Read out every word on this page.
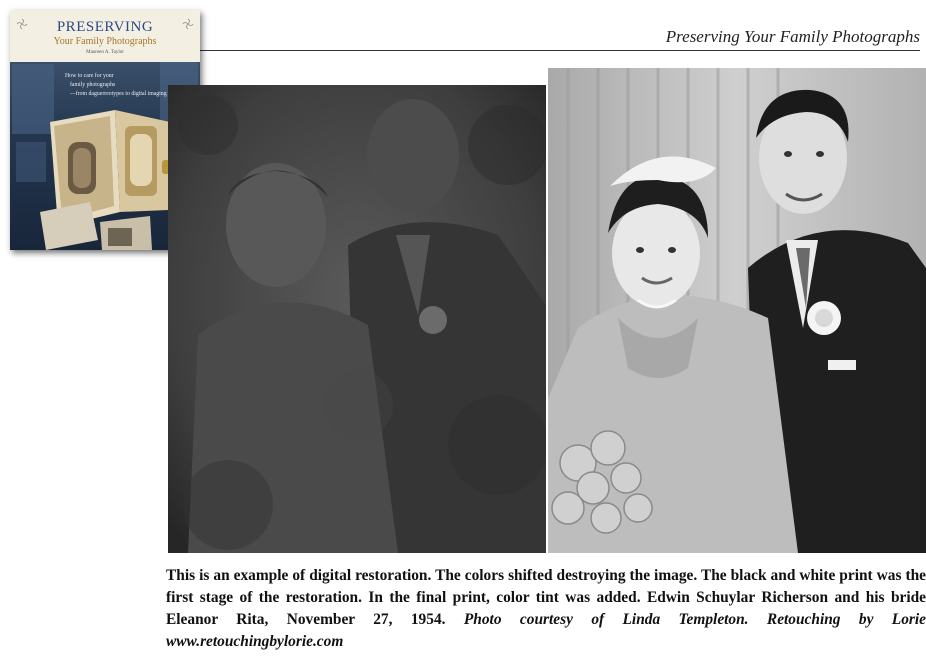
Preserving Your Family Photographs
PRESERVING
Your Family Photographs
Maureen A. Taylor
How to care for your
family photographs
—from daguerreotypes to digital imaging
This is an example of digital restoration. The colors shifted destroying the image. The black and white print was the first stage of the restoration. In the final print, color tint was added. Edwin Schuylar Richerson and his bride Eleanor Rita, November 27, 1954. Photo courtesy of Linda Templeton. Retouching by Lorie www.retouchingbylorie.com
